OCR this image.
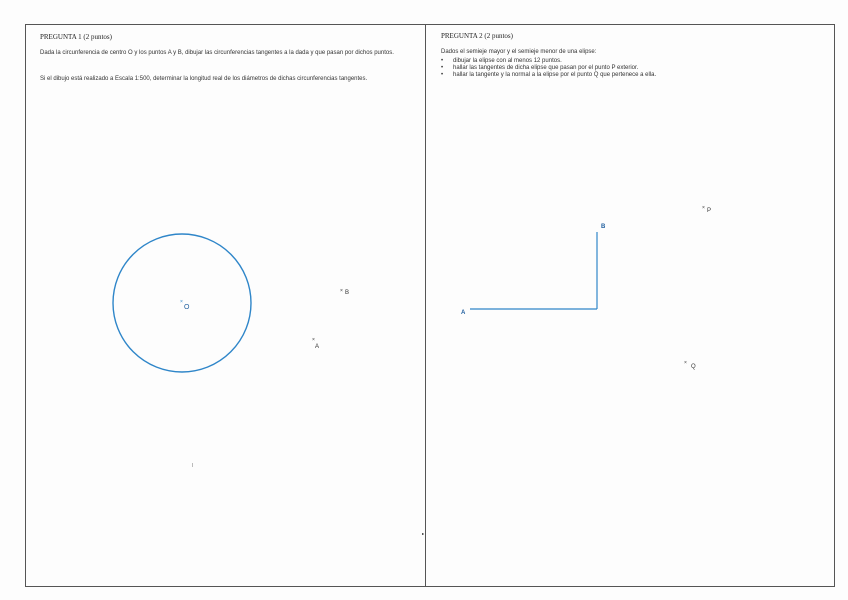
PREGUNTA 1 (2 puntos)
Dada la circunferencia de centro O y los puntos A y B, dibujar las circunferencias tangentes a la dada y que pasan por dichos puntos.
Si el dibujo está realizado a Escala 1:500, determinar la longitud real de los diámetros de dichas circunferencias tangentes.
PREGUNTA 2 (2 puntos)
Dados el semieje mayor y el semieje menor de una elipse:
• dibujar la elipse con al menos 12 puntos.
• hallar las tangentes de dicha elipse que pasan por el punto P exterior.
• hallar la tangente y la normal a la elipse por el punto Q que pertenece a ella.
×
O
× B
×
A
A
B
× P
×
Q
